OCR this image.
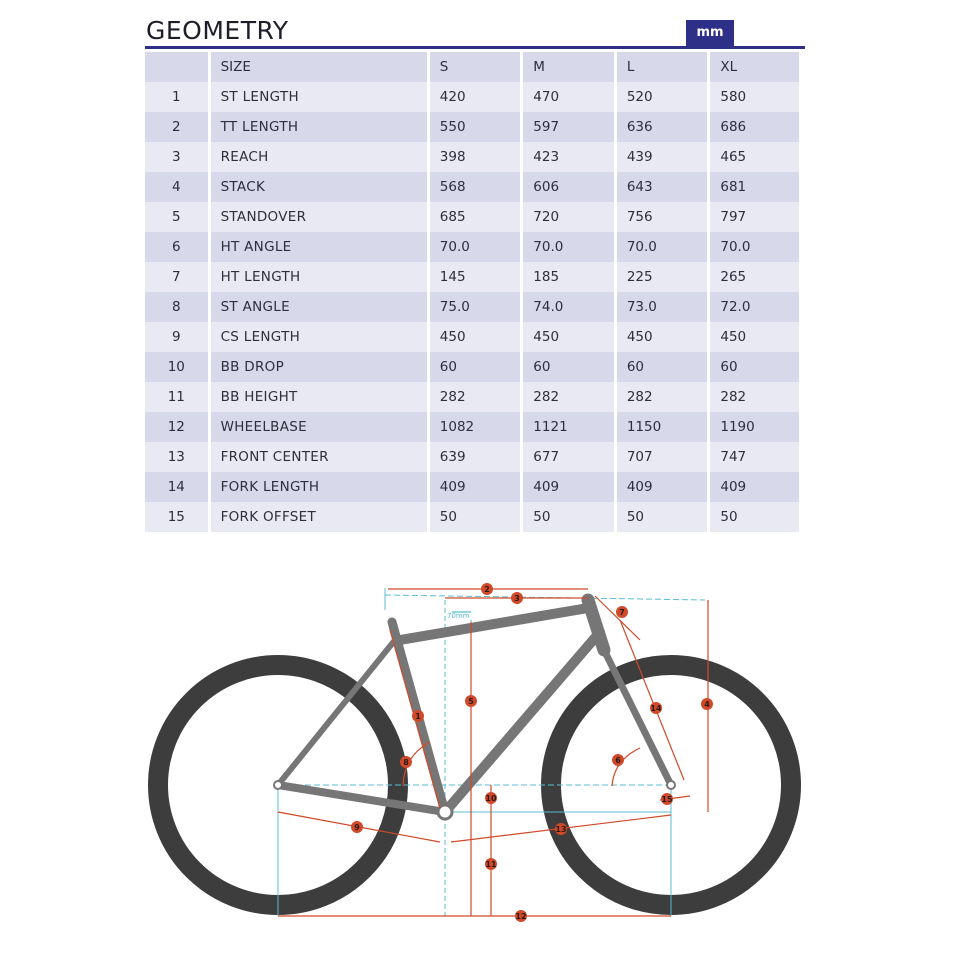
GEOMETRY	mm
	SIZE	S	M	L	XL
1	ST LENGTH	420	470	520	580
2	TT LENGTH	550	597	636	686
3	REACH	398	423	439	465
4	STACK	568	606	643	681
5	STANDOVER	685	720	756	797
6	HT ANGLE	70.0	70.0	70.0	70.0
7	HT LENGTH	145	185	225	265
8	ST ANGLE	75.0	74.0	73.0	72.0
9	CS LENGTH	450	450	450	450
10	BB DROP	60	60	60	60
11	BB HEIGHT	282	282	282	282
12	WHEELBASE	1082	1121	1150	1190
13	FRONT CENTER	639	677	707	747
14	FORK LENGTH	409	409	409	409
15	FORK OFFSET	50	50	50	50
70mm
1
2
3
4
5
6
7
8
9
10
11
12
13
14
15
